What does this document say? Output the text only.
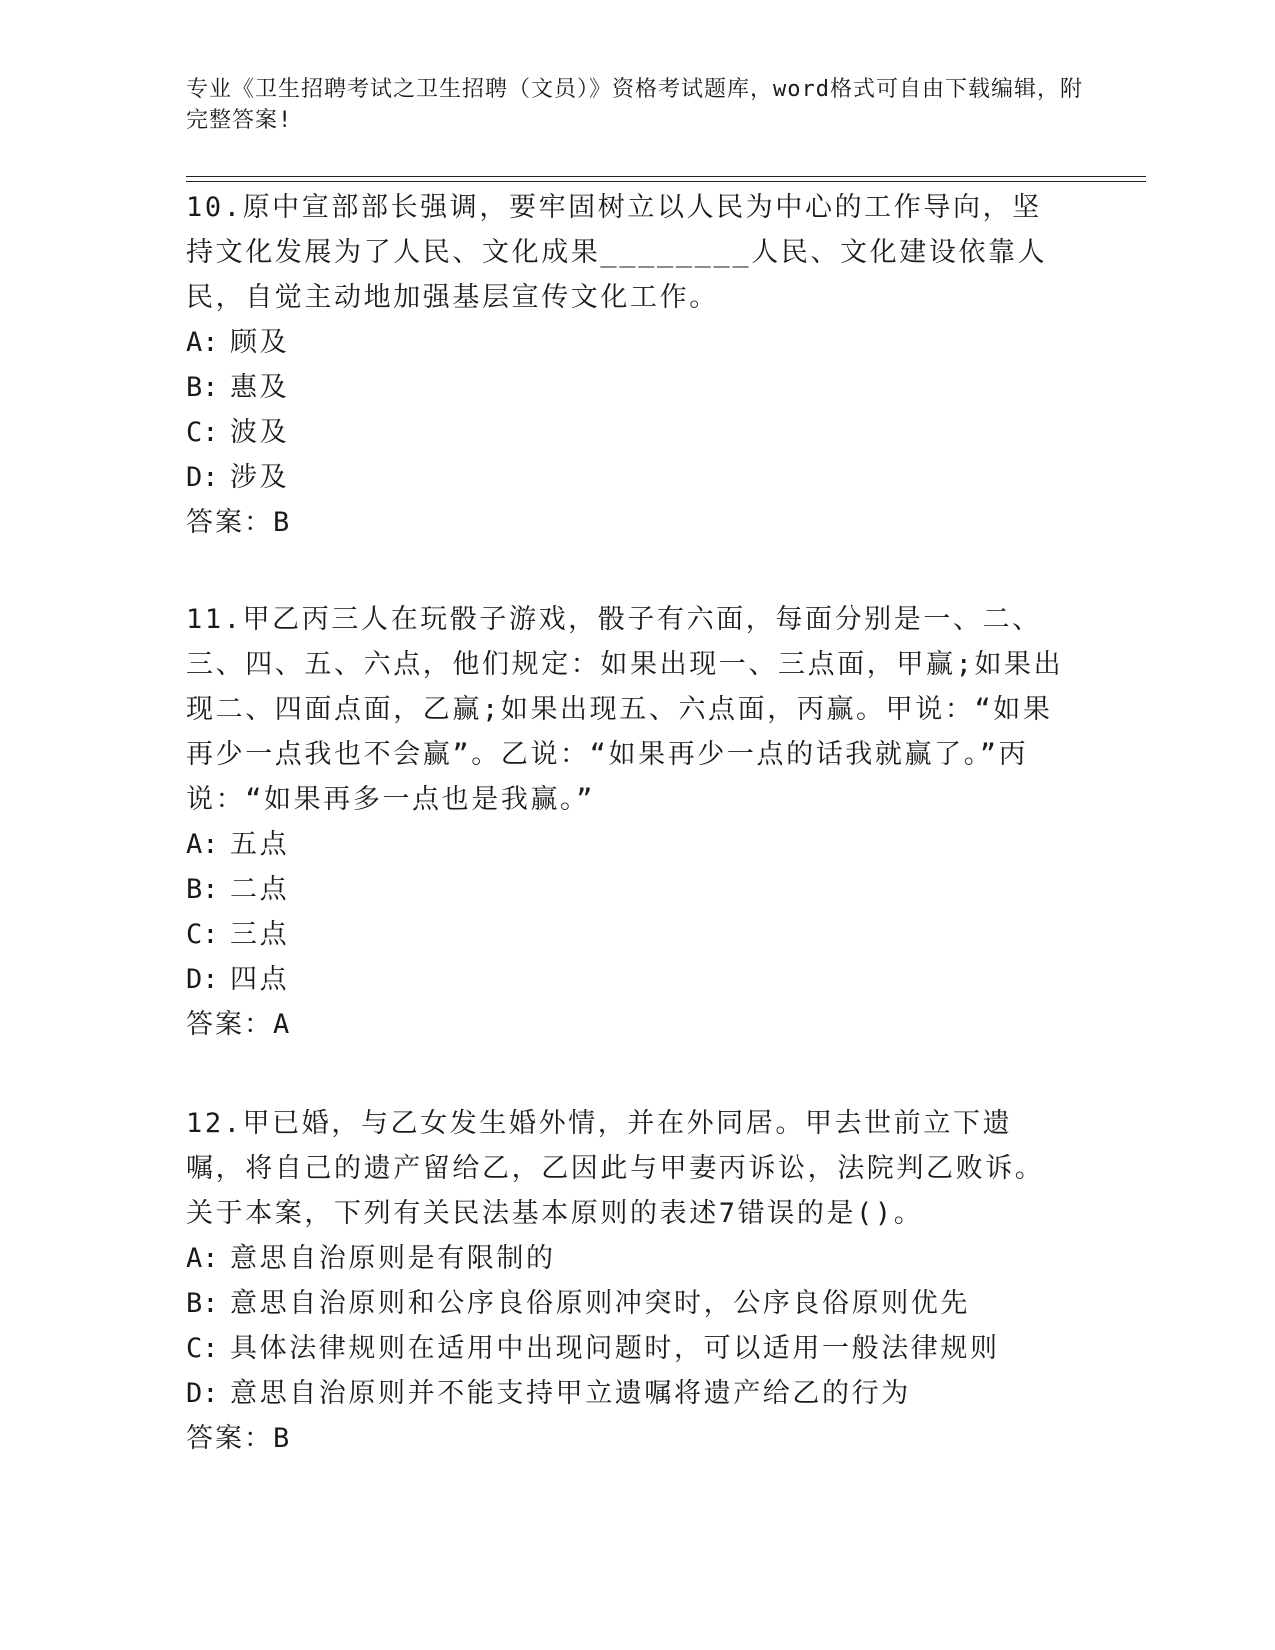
专业《卫生招聘考试之卫生招聘（文员）》资格考试题库，word格式可自由下载编辑，附完整答案!
10.原中宣部部长强调，要牢固树立以人民为中心的工作导向，坚持文化发展为了人民、文化成果________人民、文化建设依靠人民，自觉主动地加强基层宣传文化工作。
A: 顾及
B: 惠及
C: 波及
D: 涉及
答案：B
11.甲乙丙三人在玩骰子游戏，骰子有六面，每面分别是一、二、三、四、五、六点，他们规定：如果出现一、三点面，甲赢;如果出现二、四面点面，乙赢;如果出现五、六点面，丙赢。甲说：“如果再少一点我也不会赢”。乙说：“如果再少一点的话我就赢了。”丙说：“如果再多一点也是我赢。”
A: 五点
B: 二点
C: 三点
D: 四点
答案：A
12.甲已婚，与乙女发生婚外情，并在外同居。甲去世前立下遗嘱，将自己的遗产留给乙，乙因此与甲妻丙诉讼，法院判乙败诉。关于本案，下列有关民法基本原则的表述7错误的是()。
A: 意思自治原则是有限制的
B: 意思自治原则和公序良俗原则冲突时，公序良俗原则优先
C: 具体法律规则在适用中出现问题时，可以适用一般法律规则
D: 意思自治原则并不能支持甲立遗嘱将遗产给乙的行为
答案：B
